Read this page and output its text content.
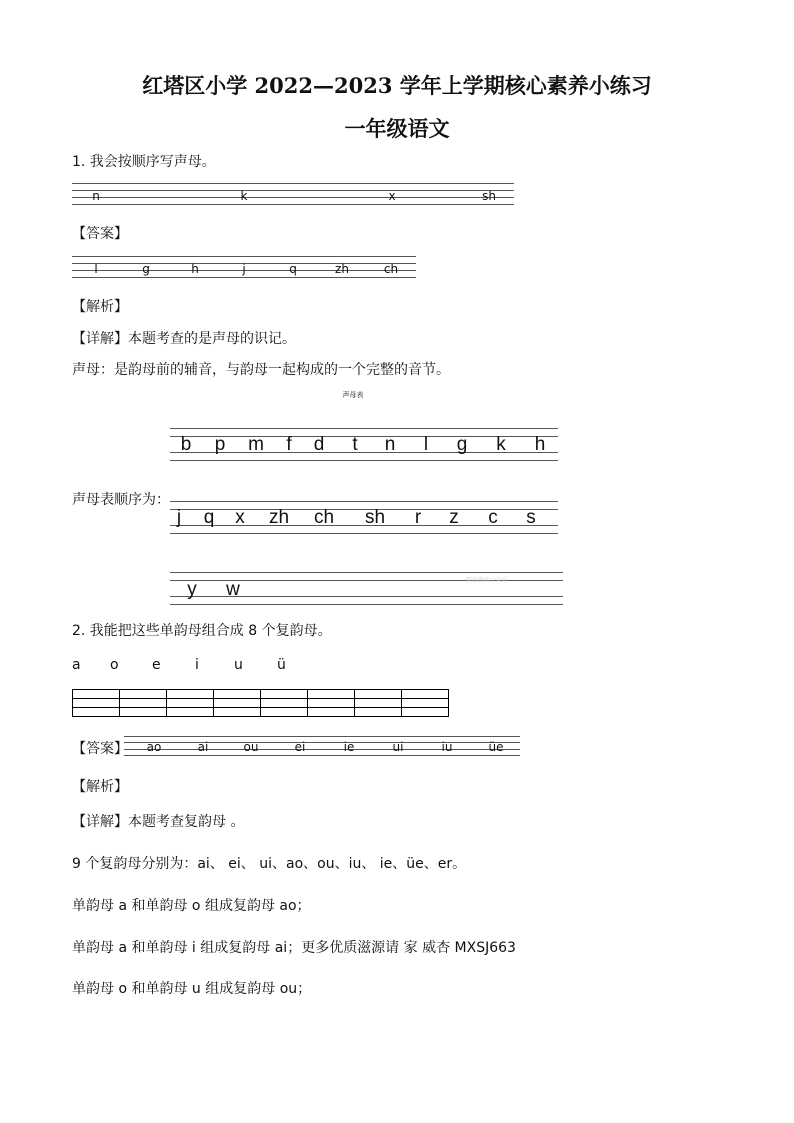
红塔区小学 2022—2023 学年上学期核心素养小练习
一年级语文
1. 我会按顺序写声母。
n	k	x	sh
【答案】
l	g	h	j	q	zh	ch
【解析】
【详解】本题考查的是声母的识记。
声母：是韵母前的辅音，与韵母一起构成的一个完整的音节。
声母表
b p m f d t n l g k h
声母表顺序为：
j q x zh ch sh r z c s
y w	微信搜索公众号
2. 我能把这些单韵母组合成 8 个复韵母。
a o e i	u ü

【答案】 ao	ai	ou	ei	ie	ui	iu	üe
【解析】
【详解】本题考查复韵母 。
9 个复韵母分别为：ai、 ei、 ui、ao、ou、iu、 ie、üe、er。
单韵母 a 和单韵母 o 组成复韵母 ao；
单韵母 a 和单韵母 i 组成复韵母 ai；更多优质滋源请 家 威杏 MXSJ663
单韵母 o 和单韵母 u 组成复韵母 ou；
